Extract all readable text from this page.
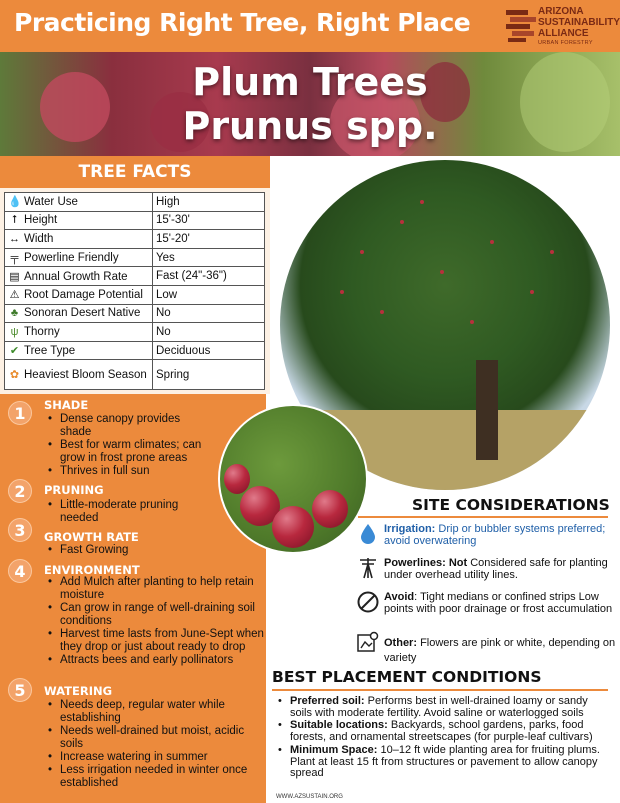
Practicing Right Tree, Right Place	ARIZONA
SUSTAINABILITY
ALLIANCE
URBAN FORESTRY
Plum Trees
Prunus spp.
TREE FACTS
💧 Water Use	High
⭡ Height	15'-30'
↔ Width	15'-20'
╤ Powerline Friendly	Yes
▤ Annual Growth Rate	Fast (24"-36")
⚠ Root Damage Potential	Low
♣ Sonoran Desert Native	No
ψ Thorny	No
✔ Tree Type	Deciduous
✿ Heaviest Bloom Season	Spring
1	SHADE
• Dense canopy provides shade
• Best for warm climates; can grow in frost prone areas
• Thrives in full sun
2	PRUNING
• Little-moderate pruning needed
3	GROWTH RATE
• Fast Growing
4	ENVIRONMENT
• Add Mulch after planting to help retain moisture
• Can grow in range of well-draining soil conditions
• Harvest time lasts from June-Sept when they drop or just about ready to drop
• Attracts bees and early pollinators
5	WATERING
• Needs deep, regular water while establishing
• Needs well-drained but moist, acidic soils
• Increase watering in summer
• Less irrigation needed in winter once established
SITE CONSIDERATIONS
Irrigation: Drip or bubbler systems preferred; avoid overwatering
Powerlines: Not Considered safe for planting under overhead utility lines.
Avoid: Tight medians or confined strips Low points with poor drainage or frost accumulation
Other: Flowers are pink or white, depending on variety
BEST PLACEMENT CONDITIONS
• Preferred soil: Performs best in well-drained loamy or sandy soils with moderate fertility. Avoid saline or waterlogged soils
• Suitable locations: Backyards, school gardens, parks, food forests, and ornamental streetscapes (for purple-leaf cultivars)
• Minimum Space: 10–12 ft wide planting area for fruiting plums. Plant at least 15 ft from structures or pavement to allow canopy spread
WWW.AZSUSTAIN.ORG
